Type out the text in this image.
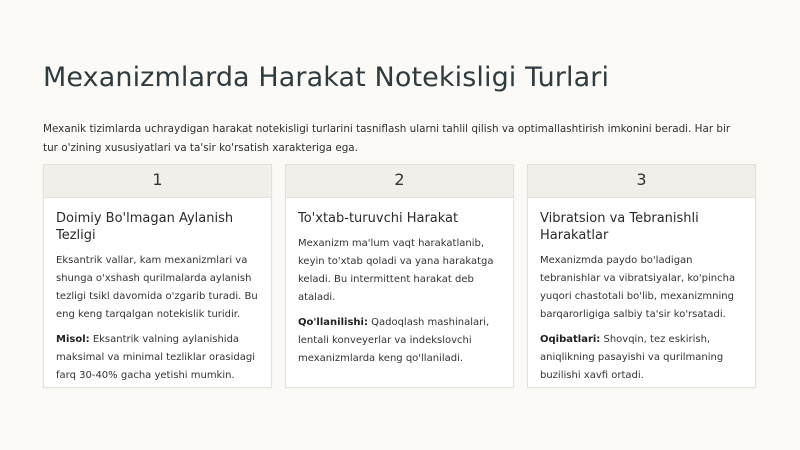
Mexanizmlarda Harakat Notekisligi Turlari

Mexanik tizimlarda uchraydigan harakat notekisligi turlarini tasniflash ularni tahlil qilish va optimallashtirish imkonini beradi. Har bir tur o'zining xususiyatlari va ta'sir ko'rsatish xarakteriga ega.

1
Doimiy Bo'lmagan Aylanish Tezligi

Eksantrik vallar, kam mexanizmlari va shunga o'xshash qurilmalarda aylanish tezligi tsikl davomida o'zgarib turadi. Bu eng keng tarqalgan notekislik turidir.

Misol: Eksantrik valning aylanishida maksimal va minimal tezliklar orasidagi farq 30-40% gacha yetishi mumkin.

2
To'xtab-turuvchi Harakat

Mexanizm ma'lum vaqt harakatlanib, keyin to'xtab qoladi va yana harakatga keladi. Bu intermittent harakat deb ataladi.

Qo'llanilishi: Qadoqlash mashinalari, lentali konveyerlar va indekslovchi mexanizmlarda keng qo'llaniladi.

3
Vibratsion va Tebranishli Harakatlar

Mexanizmda paydo bo'ladigan tebranishlar va vibratsiyalar, ko'pincha yuqori chastotali bo'lib, mexanizmning barqarorligiga salbiy ta'sir ko'rsatadi.

Oqibatlari: Shovqin, tez eskirish, aniqlikning pasayishi va qurilmaning buzilishi xavfi ortadi.
